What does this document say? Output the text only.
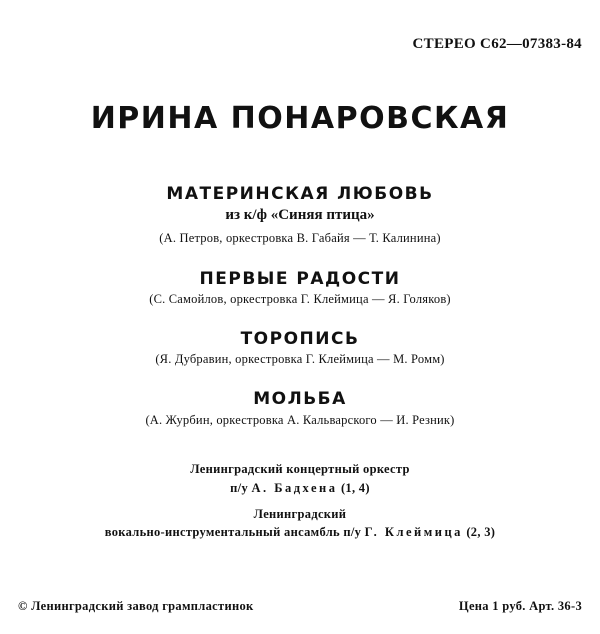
СТЕРЕО С62—07383-84
ИРИНА ПОНАРОВСКАЯ
МАТЕРИНСКАЯ ЛЮБОВЬ
из к/ф «Синяя птица»
(А. Петров, оркестровка В. Габайя — Т. Калинина)
ПЕРВЫЕ РАДОСТИ
(С. Самойлов, оркестровка Г. Клеймица — Я. Голяков)
ТОРОПИСЬ
(Я. Дубравин, оркестровка Г. Клеймица — М. Ромм)
МОЛЬБА
(А. Журбин, оркестровка А. Кальварского — И. Резник)
Ленинградский концертный оркестр
п/у А. Бадхена (1, 4)
Ленинградский
вокально-инструментальный ансамбль п/у Г. Клеймица (2, 3)
© Ленинградский завод грампластинок	Цена 1 руб. Арт. 36-3
